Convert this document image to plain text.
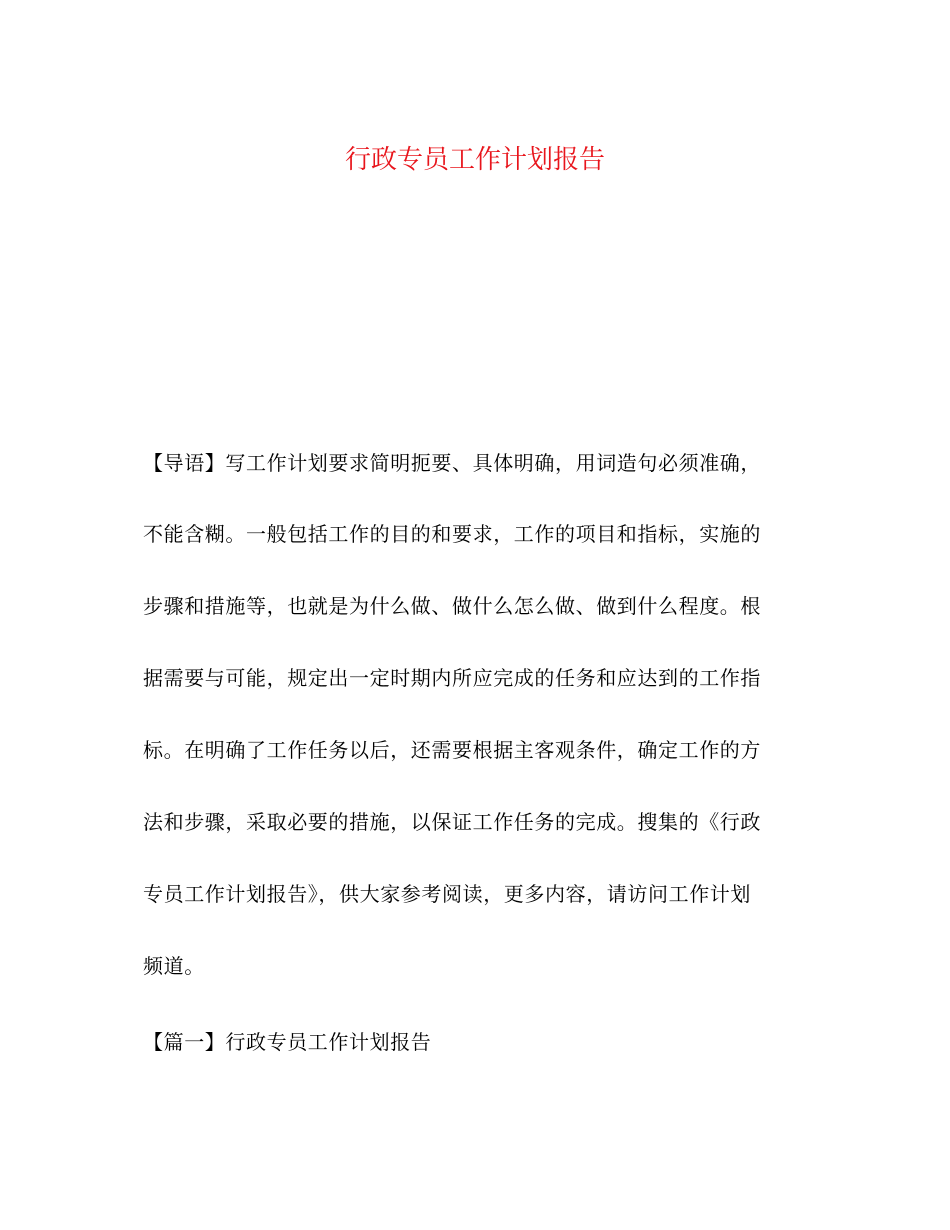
行政专员工作计划报告

【导语】写工作计划要求简明扼要、具体明确，用词造句必须准确，

不能含糊。一般包括工作的目的和要求，工作的项目和指标，实施的

步骤和措施等，也就是为什么做、做什么怎么做、做到什么程度。根

据需要与可能，规定出一定时期内所应完成的任务和应达到的工作指

标。在明确了工作任务以后，还需要根据主客观条件，确定工作的方

法和步骤，采取必要的措施，以保证工作任务的完成。搜集的《行政

专员工作计划报告》，供大家参考阅读，更多内容，请访问工作计划

频道。

【篇一】行政专员工作计划报告
